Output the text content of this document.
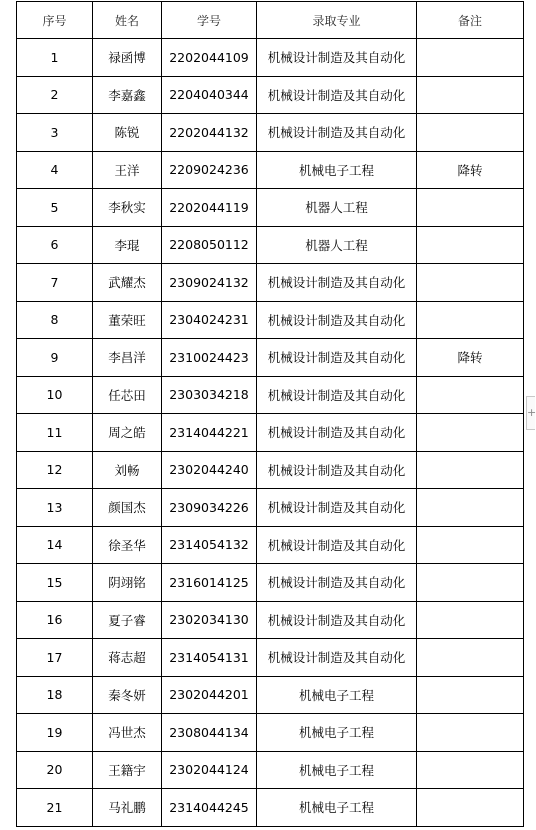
序号	姓名	学号	录取专业	备注
1	禄函博	2202044109	机械设计制造及其自动化	
2	李嘉鑫	2204040344	机械设计制造及其自动化	
3	陈锐	2202044132	机械设计制造及其自动化	
4	王洋	2209024236	机械电子工程	降转
5	李秋实	2202044119	机器人工程	
6	李琨	2208050112	机器人工程	
7	武耀杰	2309024132	机械设计制造及其自动化	
8	董荣旺	2304024231	机械设计制造及其自动化	
9	李昌洋	2310024423	机械设计制造及其自动化	降转
10	任芯田	2303034218	机械设计制造及其自动化	
11	周之皓	2314044221	机械设计制造及其自动化	
12	刘畅	2302044240	机械设计制造及其自动化	
13	颜国杰	2309034226	机械设计制造及其自动化	
14	徐圣华	2314054132	机械设计制造及其自动化	
15	阴翊铭	2316014125	机械设计制造及其自动化	
16	夏子睿	2302034130	机械设计制造及其自动化	
17	蒋志超	2314054131	机械设计制造及其自动化	
18	秦冬妍	2302044201	机械电子工程	
19	冯世杰	2308044134	机械电子工程	
20	王籍宇	2302044124	机械电子工程	
21	马礼鹏	2314044245	机械电子工程	
+
